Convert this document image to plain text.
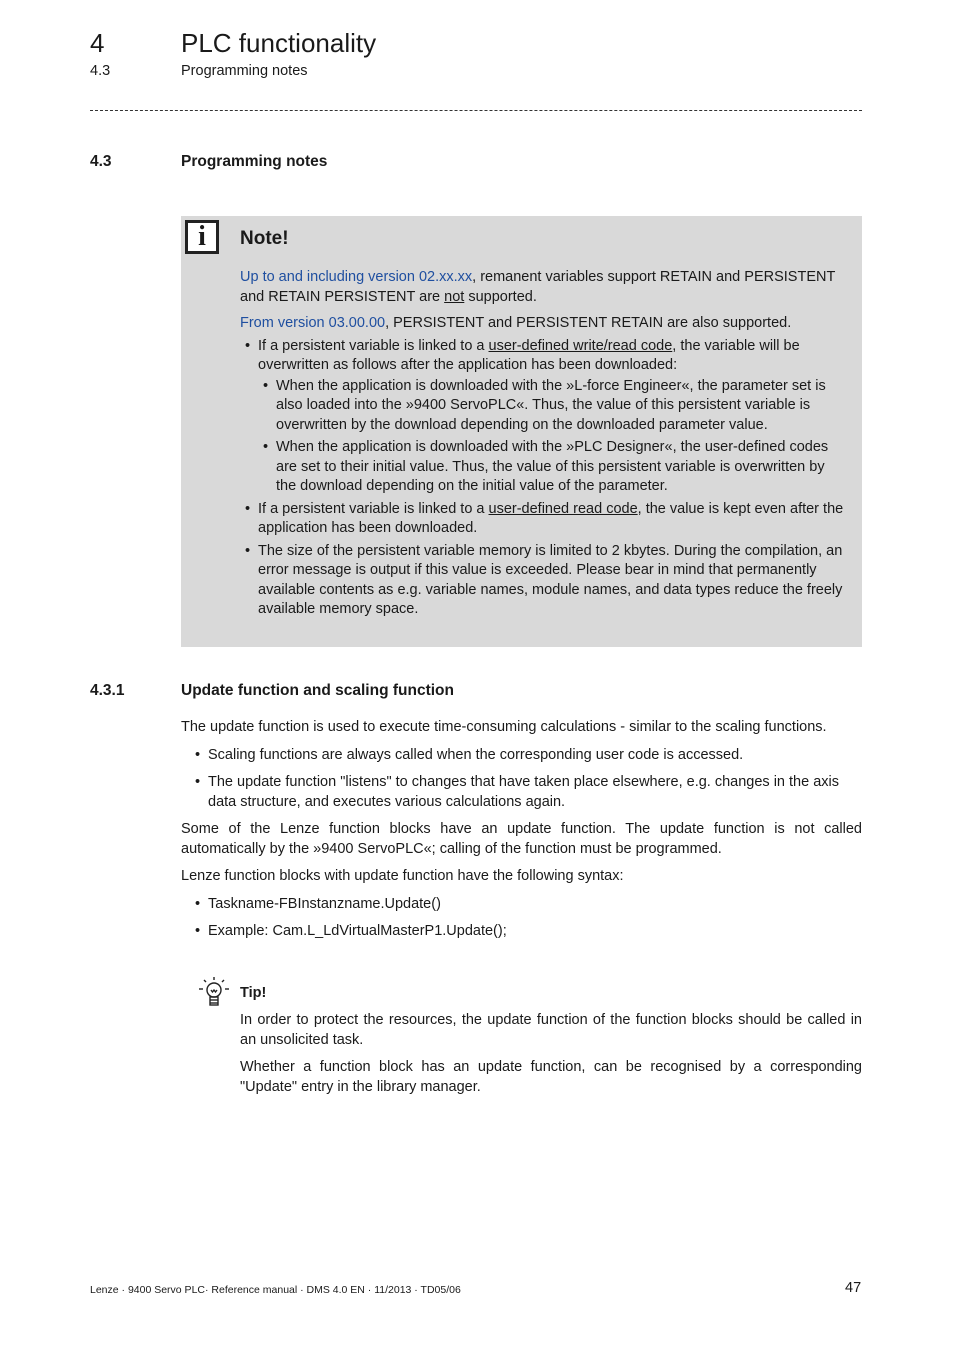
4	PLC functionality
4.3	Programming notes
4.3	Programming notes
i	Note!

Up to and including version 02.xx.xx, remanent variables support RETAIN and PERSISTENT and RETAIN PERSISTENT are not supported.

From version 03.00.00, PERSISTENT and PERSISTENT RETAIN are also supported.

• If a persistent variable is linked to a user-defined write/read code, the variable will be overwritten as follows after the application has been downloaded:
• When the application is downloaded with the »L-force Engineer«, the parameter set is also loaded into the »9400 ServoPLC«. Thus, the value of this persistent variable is overwritten by the download depending on the downloaded parameter value.
• When the application is downloaded with the »PLC Designer«, the user-defined codes are set to their initial value. Thus, the value of this persistent variable is overwritten by the download depending on the initial value of the parameter.
• If a persistent variable is linked to a user-defined read code, the value is kept even after the application has been downloaded.
• The size of the persistent variable memory is limited to 2 kbytes. During the compilation, an error message is output if this value is exceeded. Please bear in mind that permanently available contents as e.g. variable names, module names, and data types reduce the freely available memory space.
4.3.1	Update function and scaling function

The update function is used to execute time-consuming calculations - similar to the scaling functions.

• Scaling functions are always called when the corresponding user code is accessed.
• The update function "listens" to changes that have taken place elsewhere, e.g. changes in the axis data structure, and executes various calculations again.

Some of the Lenze function blocks have an update function. The update function is not called automatically by the »9400 ServoPLC«; calling of the function must be programmed.

Lenze function blocks with update function have the following syntax:

• Taskname-FBInstanzname.Update()
• Example: Cam.L_LdVirtualMasterP1.Update();
Tip!

In order to protect the resources, the update function of the function blocks should be called in an unsolicited task.

Whether a function block has an update function, can be recognised by a corresponding "Update" entry in the library manager.

Lenze · 9400 Servo PLC· Reference manual · DMS 4.0 EN · 11/2013 · TD05/06	47
